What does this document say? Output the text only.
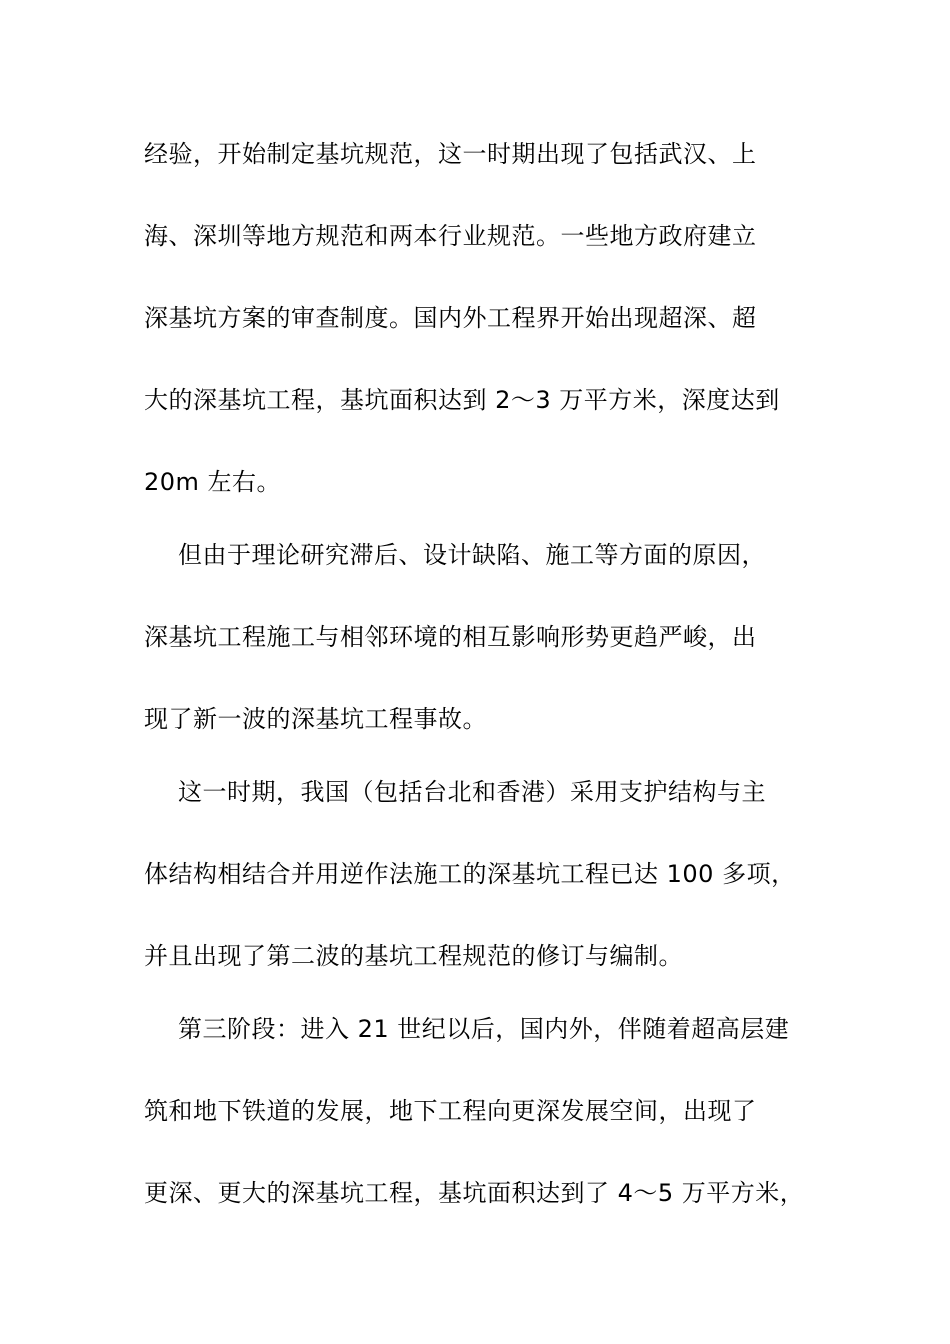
经验，开始制定基坑规范，这一时期出现了包括武汉、上
海、深圳等地方规范和两本行业规范。一些地方政府建立
深基坑方案的审查制度。国内外工程界开始出现超深、超
大的深基坑工程，基坑面积达到 2～3 万平方米，深度达到
20m 左右。
但由于理论研究滞后、设计缺陷、施工等方面的原因，
深基坑工程施工与相邻环境的相互影响形势更趋严峻，出
现了新一波的深基坑工程事故。
这一时期，我国（包括台北和香港）采用支护结构与主
体结构相结合并用逆作法施工的深基坑工程已达 100 多项，
并且出现了第二波的基坑工程规范的修订与编制。
第三阶段：进入 21 世纪以后，国内外，伴随着超高层建
筑和地下铁道的发展，地下工程向更深发展空间，出现了
更深、更大的深基坑工程，基坑面积达到了 4～5 万平方米，
